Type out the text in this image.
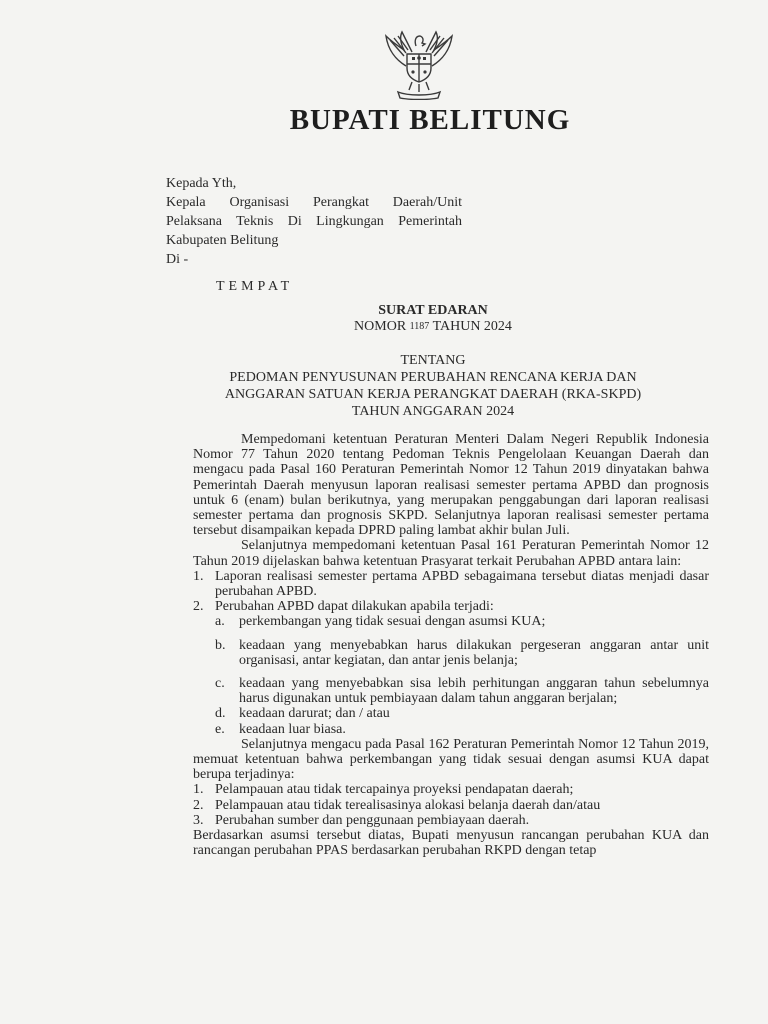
BUPATI BELITUNG
Kepada Yth,
Kepala Organisasi Perangkat Daerah/Unit
Pelaksana Teknis Di Lingkungan Pemerintah
Kabupaten Belitung
Di -
TEMPAT
SURAT EDARAN
NOMOR 1187 TAHUN 2024
TENTANG
PEDOMAN PENYUSUNAN PERUBAHAN RENCANA KERJA DAN
ANGGARAN SATUAN KERJA PERANGKAT DAERAH (RKA-SKPD)
TAHUN ANGGARAN 2024

Mempedomani ketentuan Peraturan Menteri Dalam Negeri Republik Indonesia Nomor 77 Tahun 2020 tentang Pedoman Teknis Pengelolaan Keuangan Daerah dan mengacu pada Pasal 160 Peraturan Pemerintah Nomor 12 Tahun 2019 dinyatakan bahwa Pemerintah Daerah menyusun laporan realisasi semester pertama APBD dan prognosis untuk 6 (enam) bulan berikutnya, yang merupakan penggabungan dari laporan realisasi semester pertama dan prognosis SKPD. Selanjutnya laporan realisasi semester pertama tersebut disampaikan kepada DPRD paling lambat akhir bulan Juli.

Selanjutnya mempedomani ketentuan Pasal 161 Peraturan Pemerintah Nomor 12 Tahun 2019 dijelaskan bahwa ketentuan Prasyarat terkait Perubahan APBD antara lain:

1. Laporan realisasi semester pertama APBD sebagaimana tersebut diatas menjadi dasar perubahan APBD.
2. Perubahan APBD dapat dilakukan apabila terjadi:
a.	perkembangan yang tidak sesuai dengan asumsi KUA;
b. keadaan yang menyebabkan harus dilakukan pergeseran anggaran antar unit organisasi, antar kegiatan, dan antar jenis belanja;
c.	keadaan yang menyebabkan sisa lebih perhitungan anggaran tahun sebelumnya harus digunakan untuk pembiayaan dalam tahun anggaran berjalan;
d. keadaan darurat; dan / atau
e.	keadaan luar biasa.

Selanjutnya mengacu pada Pasal 162 Peraturan Pemerintah Nomor 12 Tahun 2019, memuat ketentuan bahwa perkembangan yang tidak sesuai dengan asumsi KUA dapat berupa terjadinya:

1. Pelampauan atau tidak tercapainya proyeksi pendapatan daerah;
2. Pelampauan atau tidak terealisasinya alokasi belanja daerah dan/atau
3. Perubahan sumber dan penggunaan pembiayaan daerah.

Berdasarkan asumsi tersebut diatas, Bupati menyusun rancangan perubahan KUA dan rancangan perubahan PPAS berdasarkan perubahan RKPD dengan tetap
